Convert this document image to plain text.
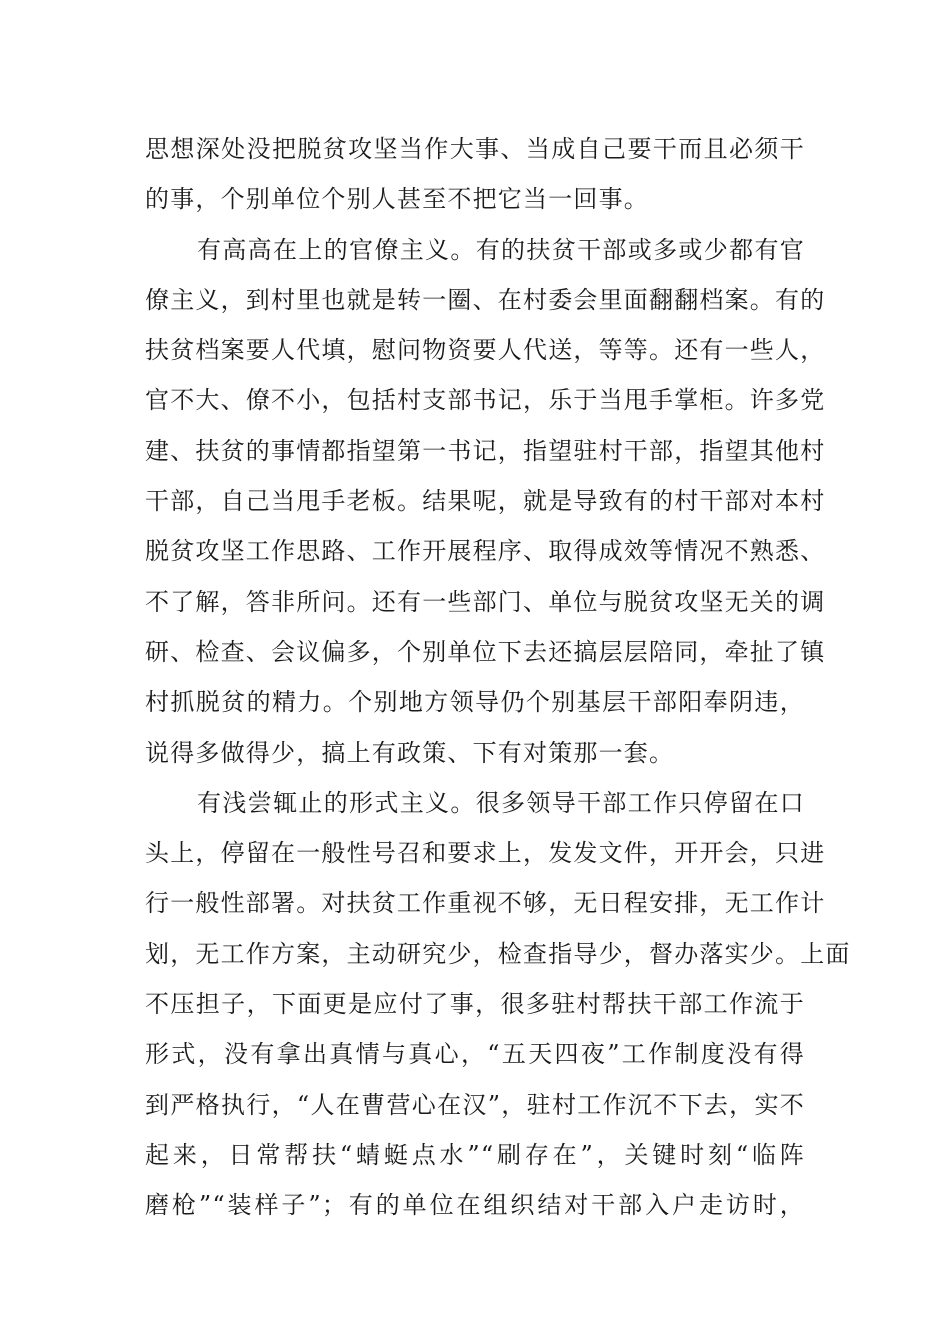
思想深处没把脱贫攻坚当作大事、当成自己要干而且必须干
的事，个别单位个别人甚至不把它当一回事。
有高高在上的官僚主义。有的扶贫干部或多或少都有官
僚主义，到村里也就是转一圈、在村委会里面翻翻档案。有的
扶贫档案要人代填，慰问物资要人代送，等等。还有一些人，
官不大、僚不小，包括村支部书记，乐于当甩手掌柜。许多党
建、扶贫的事情都指望第一书记，指望驻村干部，指望其他村
干部，自己当甩手老板。结果呢，就是导致有的村干部对本村
脱贫攻坚工作思路、工作开展程序、取得成效等情况不熟悉、
不了解，答非所问。还有一些部门、单位与脱贫攻坚无关的调
研、检查、会议偏多，个别单位下去还搞层层陪同，牵扯了镇
村抓脱贫的精力。个别地方领导仍个别基层干部阳奉阴违，
说得多做得少，搞上有政策、下有对策那一套。
有浅尝辄止的形式主义。很多领导干部工作只停留在口
头上，停留在一般性号召和要求上，发发文件，开开会，只进
行一般性部署。对扶贫工作重视不够，无日程安排，无工作计
划，无工作方案，主动研究少，检查指导少，督办落实少。上面
不压担子，下面更是应付了事，很多驻村帮扶干部工作流于
形式，没有拿出真情与真心，“五天四夜”工作制度没有得
到严格执行，“人在曹营心在汉”，驻村工作沉不下去，实不
起来，日常帮扶“蜻蜓点水”“刷存在”，关键时刻“临阵
磨枪”“装样子”；有的单位在组织结对干部入户走访时，
